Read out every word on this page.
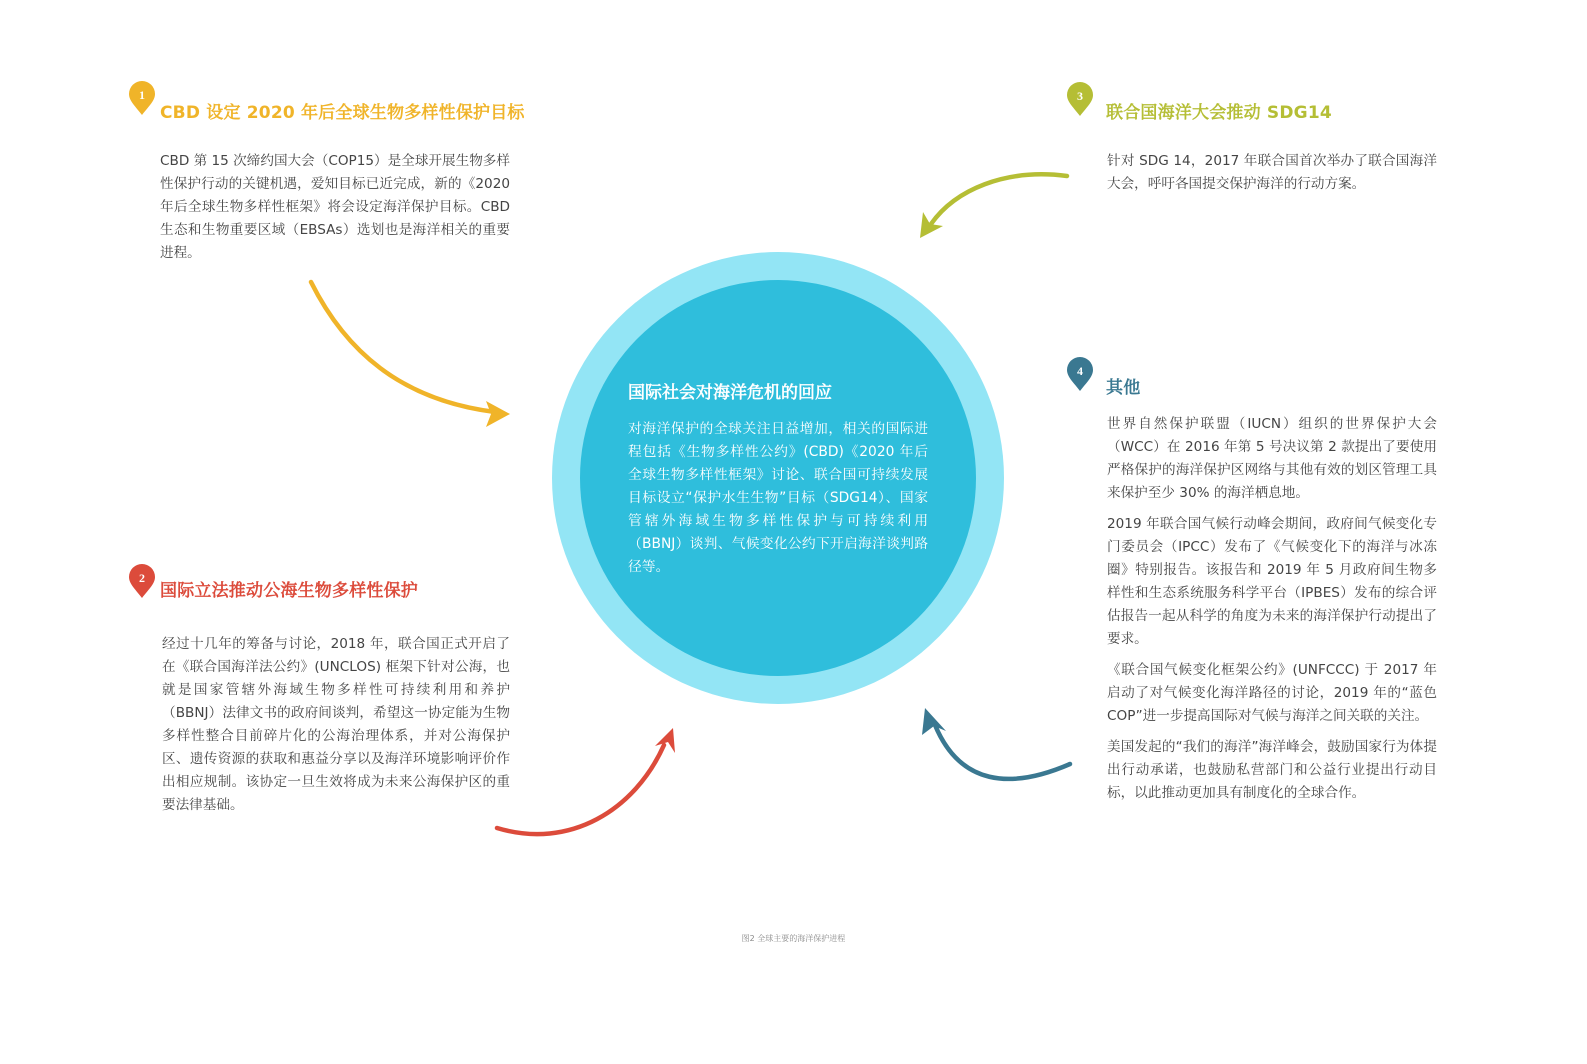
国际社会对海洋危机的回应

对海洋保护的全球关注日益增加，相关的国际进程包括《生物多样性公约》(CBD)《2020 年后全球生物多样性框架》讨论、联合国可持续发展目标设立“保护水生生物”目标（SDG14）、国家管辖外海域生物多样性保护与可持续利用（BBNJ）谈判、气候变化公约下开启海洋谈判路径等。

1
CBD 设定 2020 年后全球生物多样性保护目标

CBD 第 15 次缔约国大会（COP15）是全球开展生物多样性保护行动的关键机遇，爱知目标已近完成，新的《2020 年后全球生物多样性框架》将会设定海洋保护目标。CBD 生态和生物重要区域（EBSAs）选划也是海洋相关的重要进程。

2
国际立法推动公海生物多样性保护

经过十几年的筹备与讨论，2018 年，联合国正式开启了在《联合国海洋法公约》(UNCLOS) 框架下针对公海，也就是国家管辖外海域生物多样性可持续利用和养护（BBNJ）法律文书的政府间谈判，希望这一协定能为生物多样性整合目前碎片化的公海治理体系，并对公海保护区、遗传资源的获取和惠益分享以及海洋环境影响评价作出相应规制。该协定一旦生效将成为未来公海保护区的重要法律基础。

3
联合国海洋大会推动 SDG14

针对 SDG 14，2017 年联合国首次举办了联合国海洋大会，呼吁各国提交保护海洋的行动方案。

4
其他

世界自然保护联盟（IUCN）组织的世界保护大会（WCC）在 2016 年第 5 号决议第 2 款提出了要使用严格保护的海洋保护区网络与其他有效的划区管理工具来保护至少 30% 的海洋栖息地。

2019 年联合国气候行动峰会期间，政府间气候变化专门委员会（IPCC）发布了《气候变化下的海洋与冰冻圈》特别报告。该报告和 2019 年 5 月政府间生物多样性和生态系统服务科学平台（IPBES）发布的综合评估报告一起从科学的角度为未来的海洋保护行动提出了要求。

《联合国气候变化框架公约》(UNFCCC) 于 2017 年启动了对气候变化海洋路径的讨论，2019 年的“蓝色 COP”进一步提高国际对气候与海洋之间关联的关注。

美国发起的“我们的海洋”海洋峰会，鼓励国家行为体提出行动承诺，也鼓励私营部门和公益行业提出行动目标，以此推动更加具有制度化的全球合作。

图2 全球主要的海洋保护进程
